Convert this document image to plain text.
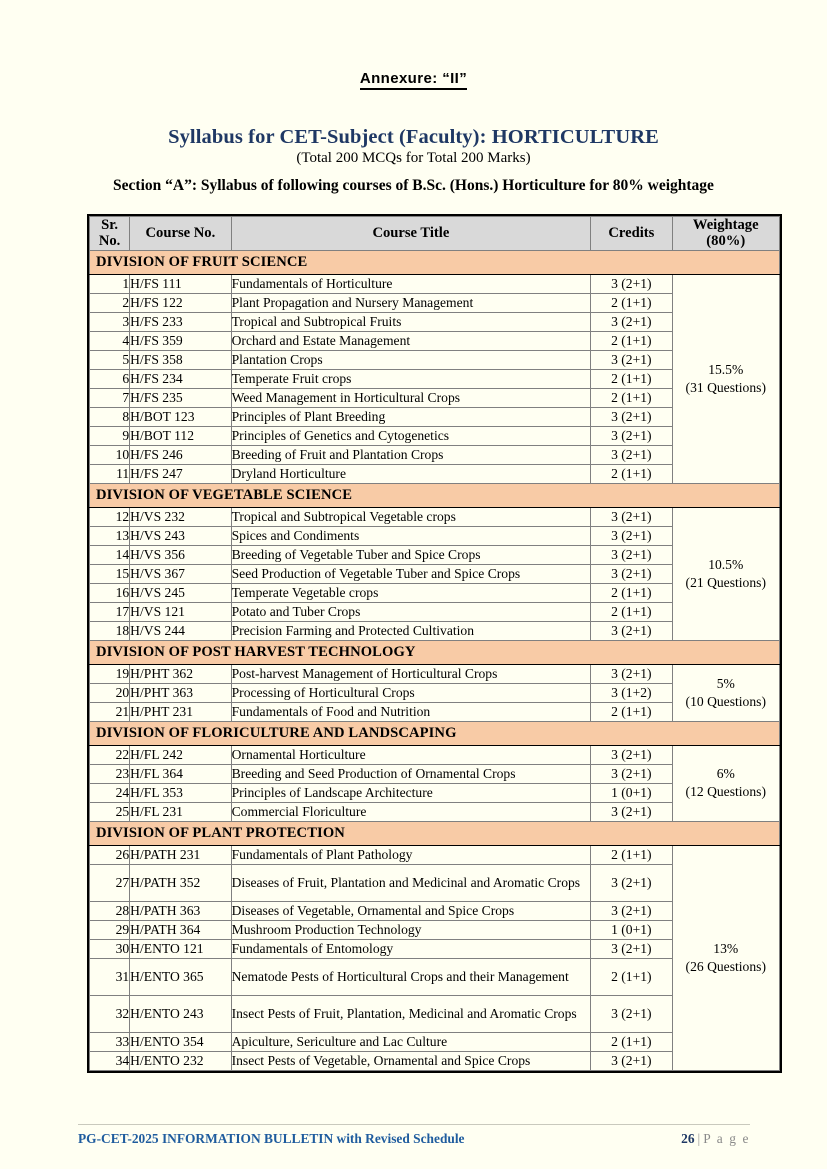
Annexure: “II”
Syllabus for CET-Subject (Faculty): HORTICULTURE
(Total 200 MCQs for Total 200 Marks)
Section “A”: Syllabus of following courses of B.Sc. (Hons.) Horticulture for 80% weightage
Sr.
No.	Course No.	Course Title	Credits	Weightage
(80%)
DIVISION OF FRUIT SCIENCE				
1	H/FS 111	Fundamentals of Horticulture	3 (2+1)	15.5%
(31 Questions)

2	H/FS 122	Plant Propagation and Nursery Management	2 (1+1)	
3	H/FS 233	Tropical and Subtropical Fruits	3 (2+1)	
4	H/FS 359	Orchard and Estate Management	2 (1+1)	
5	H/FS 358	Plantation Crops	3 (2+1)	
6	H/FS 234	Temperate Fruit crops	2 (1+1)	
7	H/FS 235	Weed Management in Horticultural Crops	2 (1+1)	
8	H/BOT 123	Principles of Plant Breeding	3 (2+1)	
9	H/BOT 112	Principles of Genetics and Cytogenetics	3 (2+1)	
10	H/FS 246	Breeding of Fruit and Plantation Crops	3 (2+1)	
11	H/FS 247	Dryland Horticulture	2 (1+1)	
DIVISION OF VEGETABLE SCIENCE				
12	H/VS 232	Tropical and Subtropical Vegetable crops	3 (2+1)	10.5%
(21 Questions)

13	H/VS 243	Spices and Condiments	3 (2+1)	
14	H/VS 356	Breeding of Vegetable Tuber and Spice Crops	3 (2+1)	
15	H/VS 367	Seed Production of Vegetable Tuber and Spice Crops	3 (2+1)	
16	H/VS 245	Temperate Vegetable crops	2 (1+1)	
17	H/VS 121	Potato and Tuber Crops	2 (1+1)	
18	H/VS 244	Precision Farming and Protected Cultivation	3 (2+1)	
DIVISION OF POST HARVEST TECHNOLOGY				
19	H/PHT 362	Post-harvest Management of Horticultural Crops	3 (2+1)	5%
(10 Questions)

20	H/PHT 363	Processing of Horticultural Crops	3 (1+2)	
21	H/PHT 231	Fundamentals of Food and Nutrition	2 (1+1)	
DIVISION OF FLORICULTURE AND LANDSCAPING				
22	H/FL 242	Ornamental Horticulture	3 (2+1)	6%
(12 Questions)

23	H/FL 364	Breeding and Seed Production of Ornamental Crops	3 (2+1)	
24	H/FL 353	Principles of Landscape Architecture	1 (0+1)	
25	H/FL 231	Commercial Floriculture	3 (2+1)	
DIVISION OF PLANT PROTECTION				
26	H/PATH 231	Fundamentals of Plant Pathology	2 (1+1)	13%
(26 Questions)

27	H/PATH 352	Diseases of Fruit, Plantation and Medicinal and Aromatic Crops	3 (2+1)	
28	H/PATH 363	Diseases of Vegetable, Ornamental and Spice Crops	3 (2+1)	
29	H/PATH 364	Mushroom Production Technology	1 (0+1)	
30	H/ENTO 121	Fundamentals of Entomology	3 (2+1)	
31	H/ENTO 365	Nematode Pests of Horticultural Crops and their Management	2 (1+1)	
32	H/ENTO 243	Insect Pests of Fruit, Plantation, Medicinal and Aromatic Crops	3 (2+1)	
33	H/ENTO 354	Apiculture, Sericulture and Lac Culture	2 (1+1)	
34	H/ENTO 232	Insect Pests of Vegetable, Ornamental and Spice Crops	3 (2+1)	
PG-CET-2025 INFORMATION BULLETIN with Revised Schedule	26 | P a g e
